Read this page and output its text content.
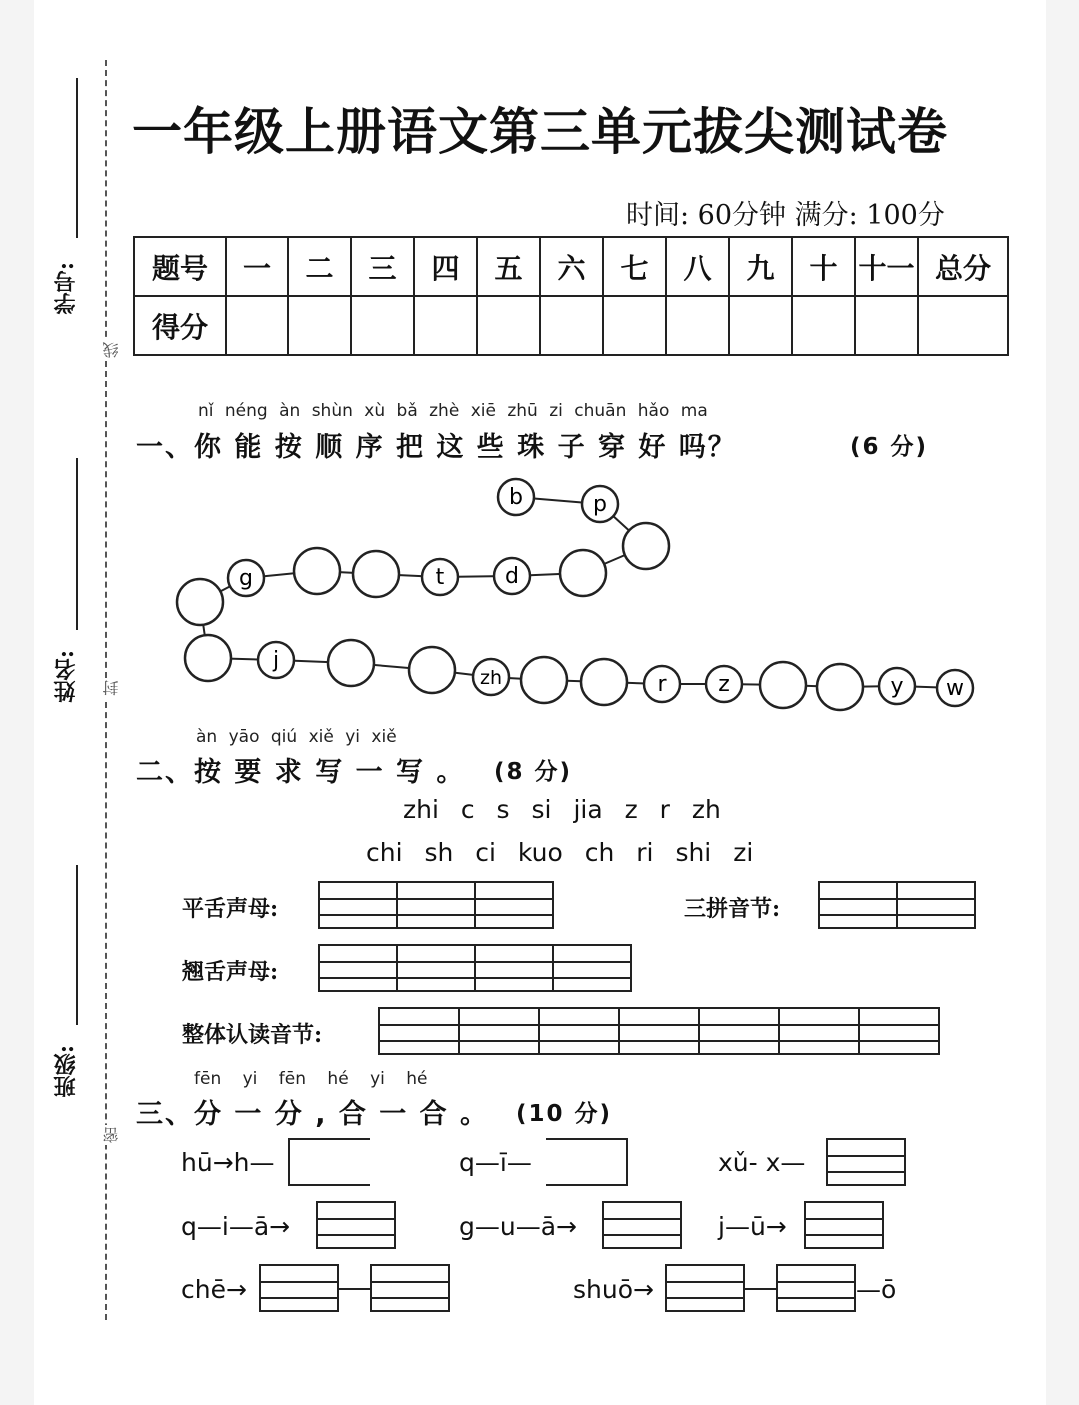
学号:
姓名:
班级:
线
封
密
一年级上册语文第三单元拔尖测试卷
时间: 60分钟 满分: 100分
题号	一	二	三	四	五	六	七	八	九	十	十一	总分
得分												
nǐ néng àn shùn xù bǎ zhè xiē zhū zi chuān hǎo ma
一、你 能 按 顺 序 把 这 些 珠 子 穿 好 吗？	(6 分)
b	p
d
t
g
j
zh	r z	y w
àn yāo qiú xiě yi xiě
二、按 要 求 写 一 写 。 (8 分)
zhi c s si jia z r zh
chi sh ci kuo ch ri shi zi
平舌声母:	三拼音节:
翘舌声母:
整体认读音节:
fēn yi fēn hé yi hé
三、分 一 分 , 合 一 合 。 (10 分)
hū→h—	q—ī—	xǔ- x—
q—i—ā→	g—u—ā→	j—ū→
chē→	shuō→	—ō
